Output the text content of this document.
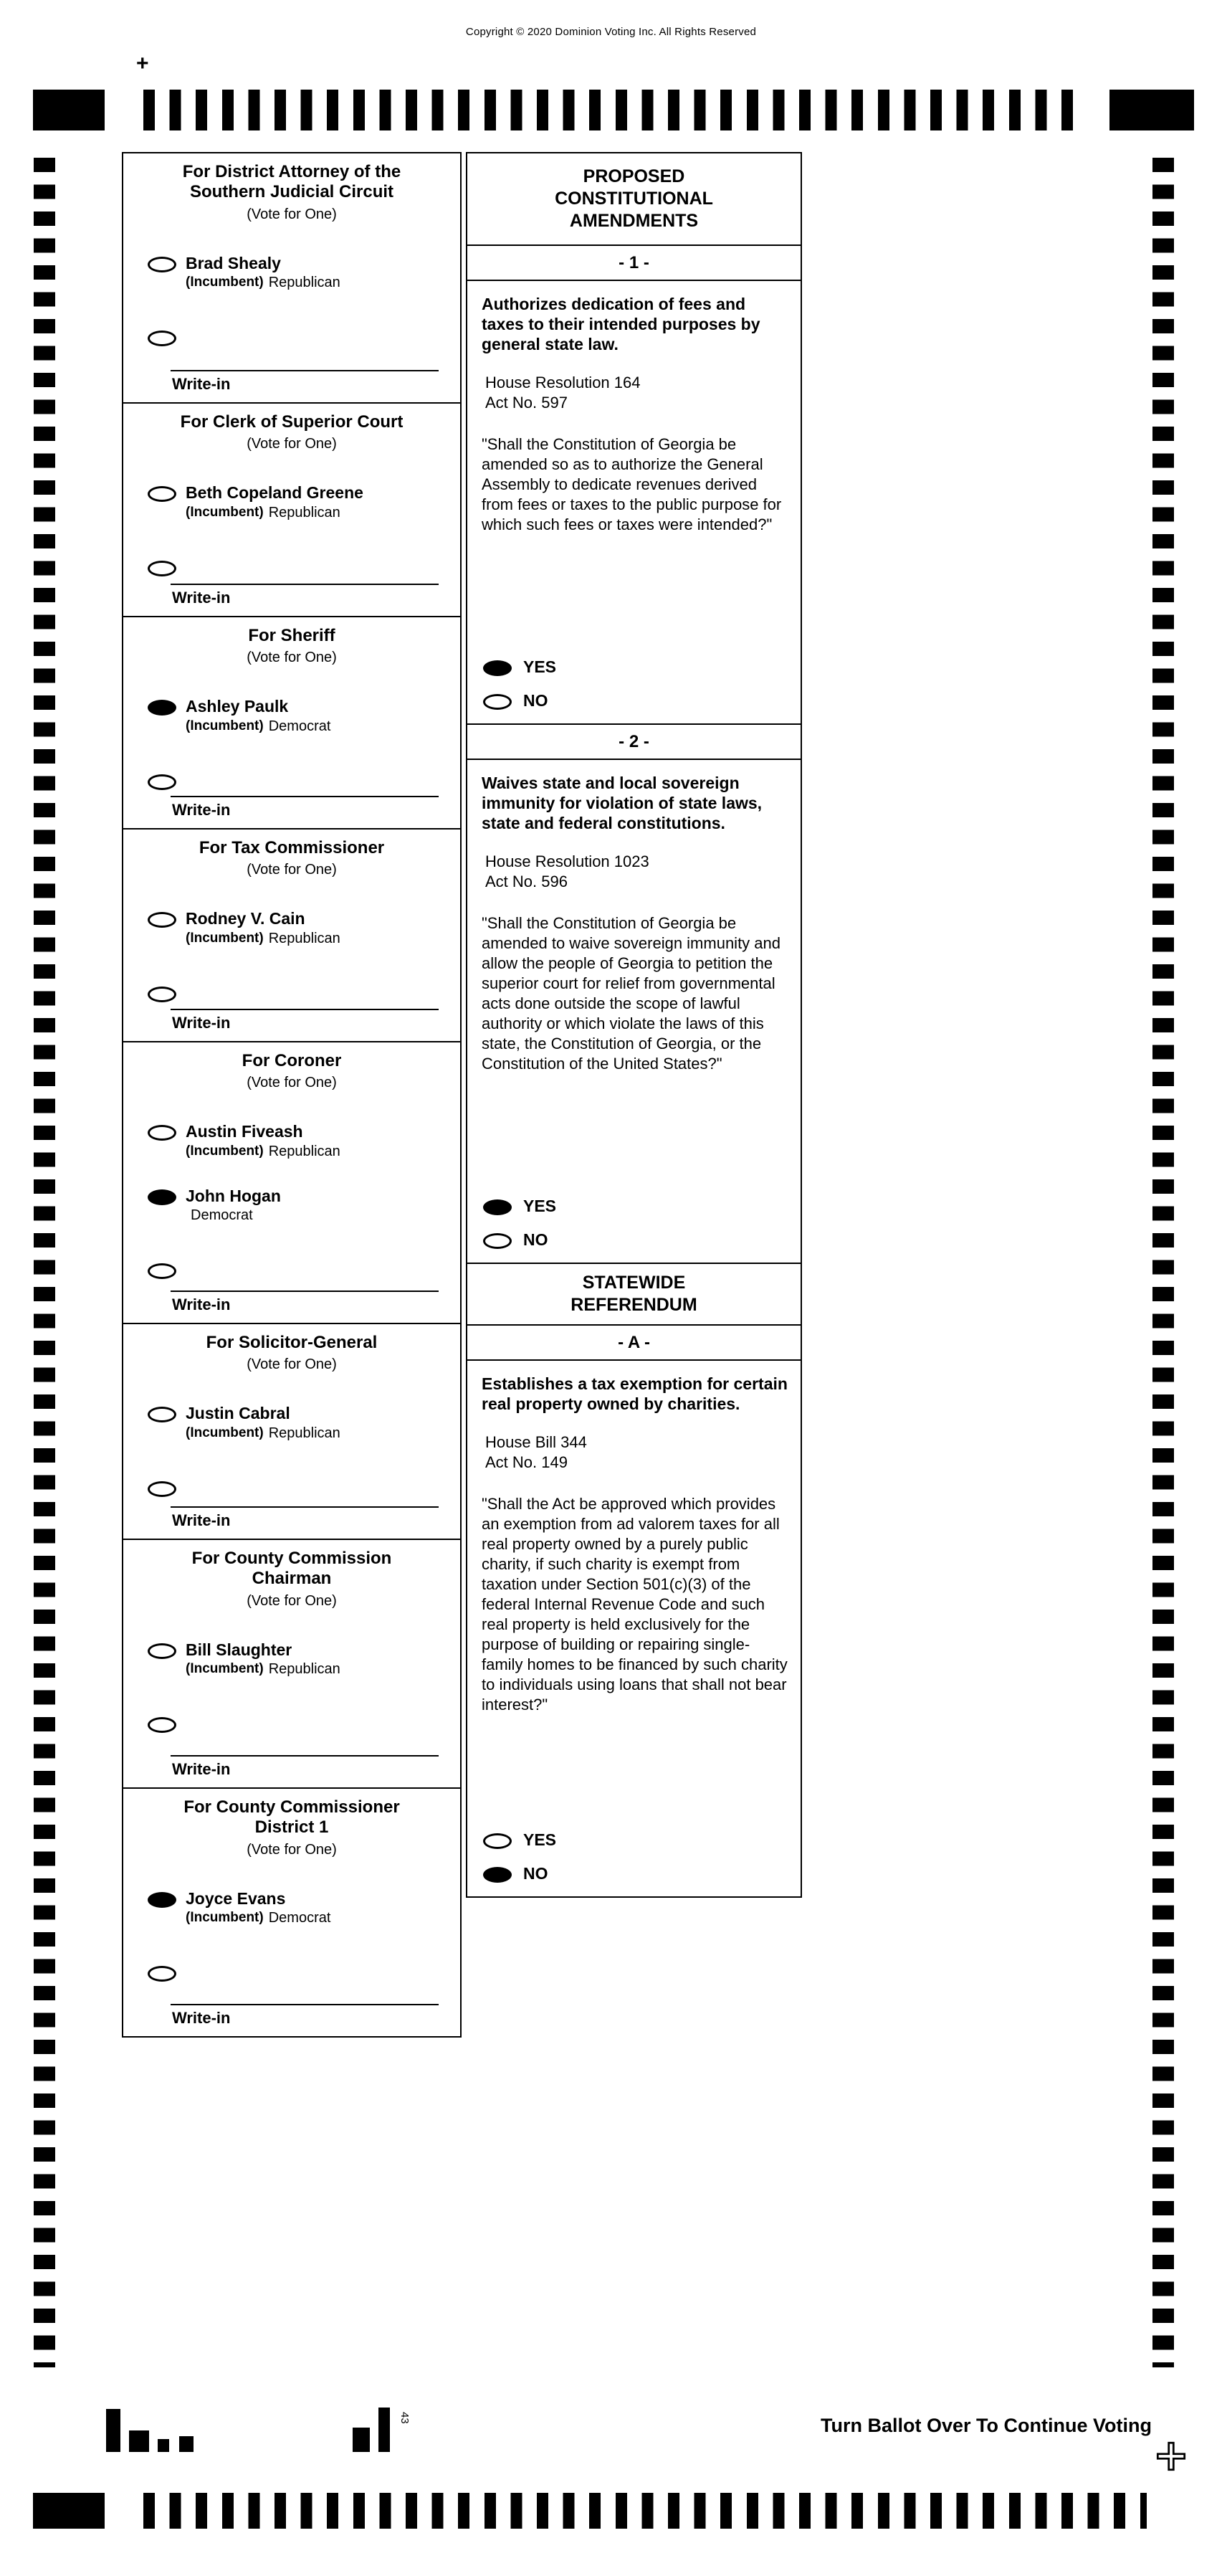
Copyright © 2020 Dominion Voting Inc. All Rights Reserved
+
For District Attorney of the Southern Judicial Circuit
(Vote for One)
Brad Shealy
(Incumbent) Republican
Write-in
For Clerk of Superior Court
(Vote for One)
Beth Copeland Greene
(Incumbent) Republican
Write-in
For Sheriff
(Vote for One)
Ashley Paulk
(Incumbent) Democrat
Write-in
For Tax Commissioner
(Vote for One)
Rodney V. Cain
(Incumbent) Republican
Write-in
For Coroner
(Vote for One)
Austin Fiveash
(Incumbent) Republican
John Hogan
Democrat
Write-in
For Solicitor-General
(Vote for One)
Justin Cabral
(Incumbent) Republican
Write-in
For County Commission Chairman
(Vote for One)
Bill Slaughter
(Incumbent) Republican
Write-in
For County Commissioner District 1
(Vote for One)
Joyce Evans
(Incumbent) Democrat
Write-in
PROPOSED CONSTITUTIONAL AMENDMENTS
- 1 -
Authorizes dedication of fees and taxes to their intended purposes by general state law.
House Resolution 164
Act No. 597
"Shall the Constitution of Georgia be amended so as to authorize the General Assembly to dedicate revenues derived from fees or taxes to the public purpose for which such fees or taxes were intended?"
YES
NO
- 2 -
Waives state and local sovereign immunity for violation of state laws, state and federal constitutions.
House Resolution 1023
Act No. 596
"Shall the Constitution of Georgia be amended to waive sovereign immunity and allow the people of Georgia to petition the superior court for relief from governmental acts done outside the scope of lawful authority or which violate the laws of this state, the Constitution of Georgia, or the Constitution of the United States?"
YES
NO
STATEWIDE REFERENDUM
- A -
Establishes a tax exemption for certain real property owned by charities.
House Bill 344
Act No. 149
"Shall the Act be approved which provides an exemption from ad valorem taxes for all real property owned by a purely public charity, if such charity is exempt from taxation under Section 501(c)(3) of the federal Internal Revenue Code and such real property is held exclusively for the purpose of building or repairing single-family homes to be financed by such charity to individuals using loans that shall not bear interest?"
YES
NO
43	Turn Ballot Over To Continue Voting
